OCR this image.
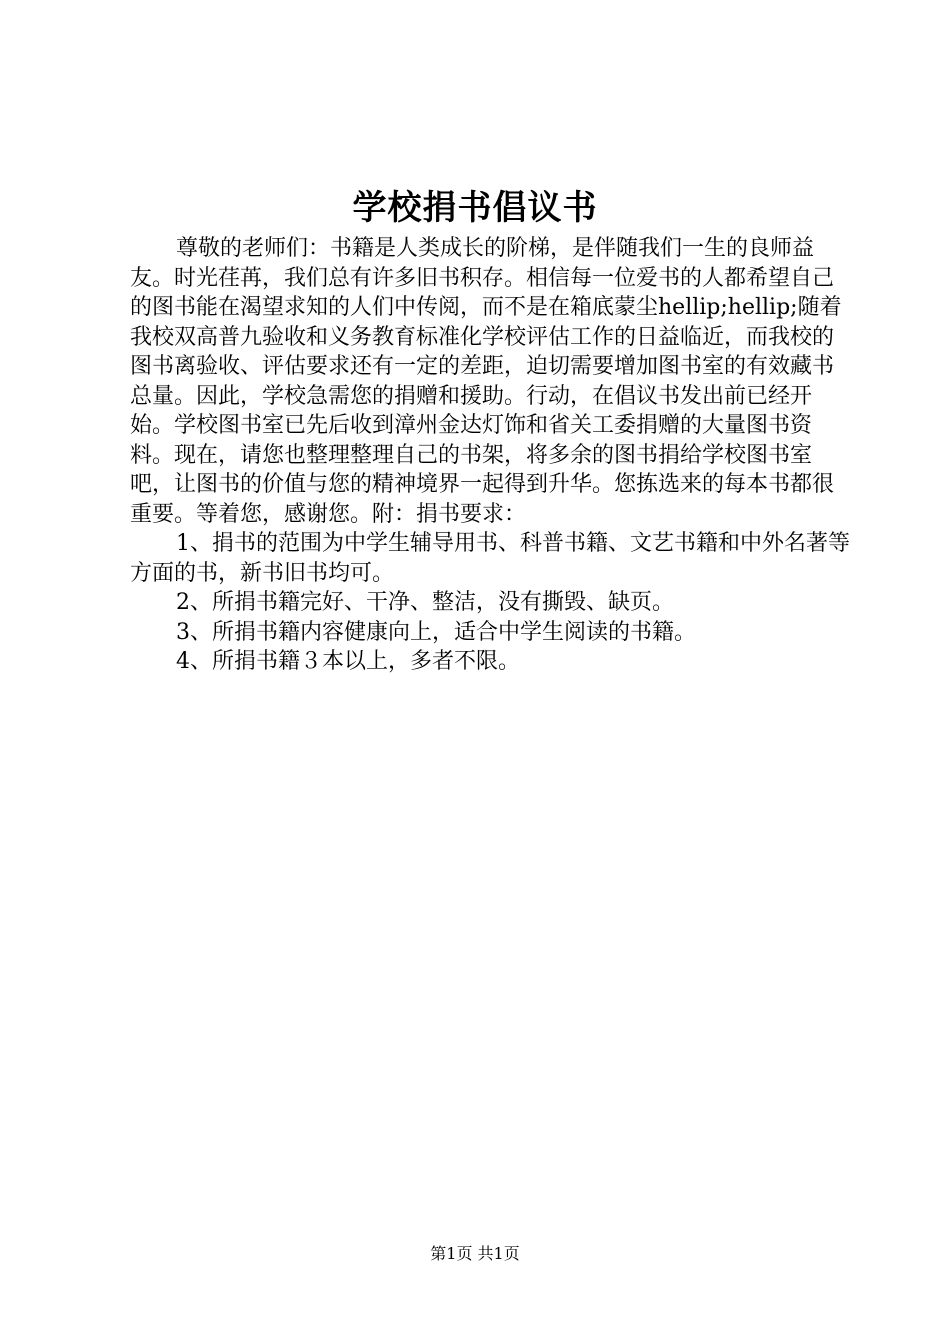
学校捐书倡议书

尊敬的老师们：书籍是人类成长的阶梯，是伴随我们一生的良师益友。时光荏苒，我们总有许多旧书积存。相信每一位爱书的人都希望自己的图书能在渴望求知的人们中传阅，而不是在箱底蒙尘hellip;hellip;随着我校双高普九验收和义务教育标准化学校评估工作的日益临近，而我校的图书离验收、评估要求还有一定的差距，迫切需要增加图书室的有效藏书总量。因此，学校急需您的捐赠和援助。行动，在倡议书发出前已经开始。学校图书室已先后收到漳州金达灯饰和省关工委捐赠的大量图书资料。现在，请您也整理整理自己的书架，将多余的图书捐给学校图书室吧，让图书的价值与您的精神境界一起得到升华。您拣选来的每本书都很重要。等着您，感谢您。附：捐书要求：

1、捐书的范围为中学生辅导用书、科普书籍、文艺书籍和中外名著等方面的书，新书旧书均可。

2、所捐书籍完好、干净、整洁，没有撕毁、缺页。

3、所捐书籍内容健康向上，适合中学生阅读的书籍。

4、所捐书籍３本以上，多者不限。

第1页 共1页
